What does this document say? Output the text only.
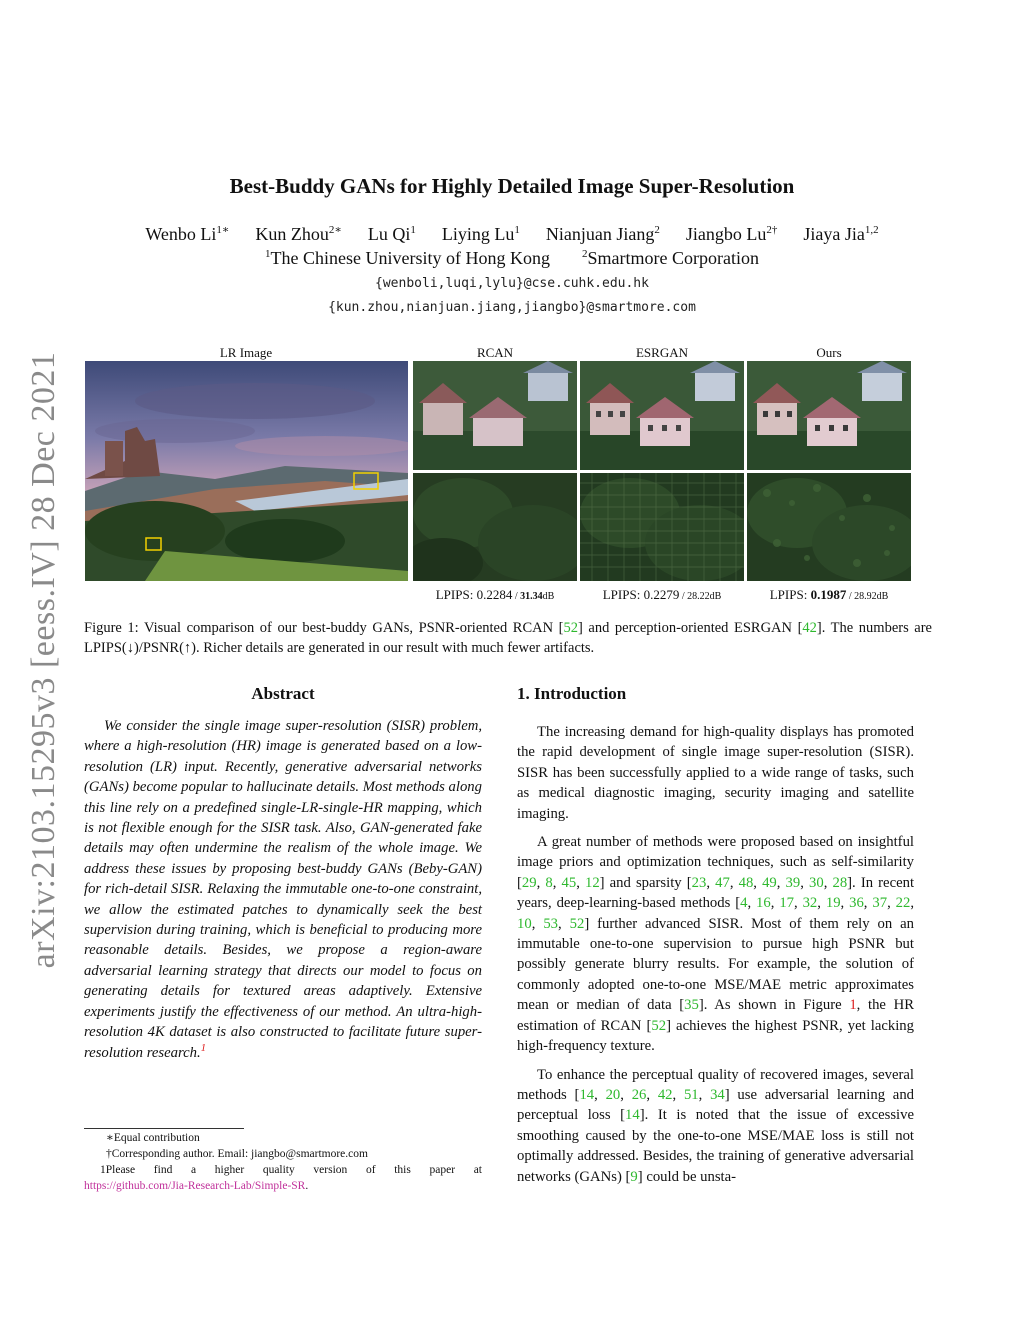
arXiv:2103.15295v3 [eess.IV] 28 Dec 2021
Best-Buddy GANs for Highly Detailed Image Super-Resolution
Wenbo $Li^{1∗}$ Kun Zhou$^{2∗}$ Lu Qi$^1$ Liying Lu$^1$ Nianjuan Jiang$^2$ Jiangbo $Lu^{2\dagger}$ Jiaya Jia$^{1,2}$
$^1$The Chinese University of Hong Kong	$^2$Smartmore Corporation
{wenboli,luqi,lylu}@cse.cuhk.edu.hk
{kun.zhou,nianjuan.jiang,jiangbo}@smartmore.com
LR Image	RCAN	ESRGAN	Ours
LPIPS: 0.2284 / 31.34dB	LPIPS: 0.2279 / 28.22dB	LPIPS: 0.1987 / 28.92dB
Figure 1: Visual comparison of our best-buddy GANs, PSNR-oriented RCAN [52] and perception-oriented ESRGAN [42]. The numbers are LPIPS(↓)/PSNR(↑). Richer details are generated in our result with much fewer artifacts.
Abstract

We consider the single image super-resolution (SISR) problem, where a high-resolution (HR) image is generated based on a low-resolution (LR) input. Recently, generative adversarial networks (GANs) become popular to hallucinate details. Most methods along this line rely on a predefined single-LR-single-HR mapping, which is not flexible enough for the SISR task. Also, GAN-generated fake details may often undermine the realism of the whole image. We address these issues by proposing best-buddy GANs (Beby-GAN) for rich-detail SISR. Relaxing the immutable one-to-one constraint, we allow the estimated patches to dynamically seek the best supervision during training, which is beneficial to producing more reasonable details. Besides, we propose a region-aware adversarial learning strategy that directs our model to focus on generating details for textured areas adaptively. Extensive experiments justify the effectiveness of our method. An ultra-high-resolution 4K dataset is also constructed to facilitate future super-resolution research.$^1$

∗Equal contribution
†Corresponding author. Email: jiangbo@smartmore.com
1Please find a higher quality version of this paper at
https://github.com/Jia-Research-Lab/Simple-SR.
1. Introduction

The increasing demand for high-quality displays has promoted the rapid development of single image super-resolution (SISR). SISR has been successfully applied to a wide range of tasks, such as medical diagnostic imaging, security imaging and satellite imaging.

A great number of methods were proposed based on insightful image priors and optimization techniques, such as self-similarity [29, 8, 45, 12] and sparsity [23, 47, 48, 49, 39, 30, 28]. In recent years, deep-learning-based methods [4, 16, 17, 32, 19, 36, 37, 22, 10, 53, 52] further advanced SISR. Most of them rely on an immutable one-to-one supervision to pursue high PSNR but possibly generate blurry results. For example, the solution of commonly adopted one-to-one MSE/MAE metric approximates mean or median of data [35]. As shown in Figure 1, the HR estimation of RCAN [52] achieves the highest PSNR, yet lacking high-frequency texture.

To enhance the perceptual quality of recovered images, several methods [14, 20, 26, 42, 51, 34] use adversarial learning and perceptual loss [14]. It is noted that the issue of excessive smoothing caused by the one-to-one MSE/MAE loss is still not optimally addressed. Besides, the training of generative adversarial networks (GANs) [9] could be unsta-
